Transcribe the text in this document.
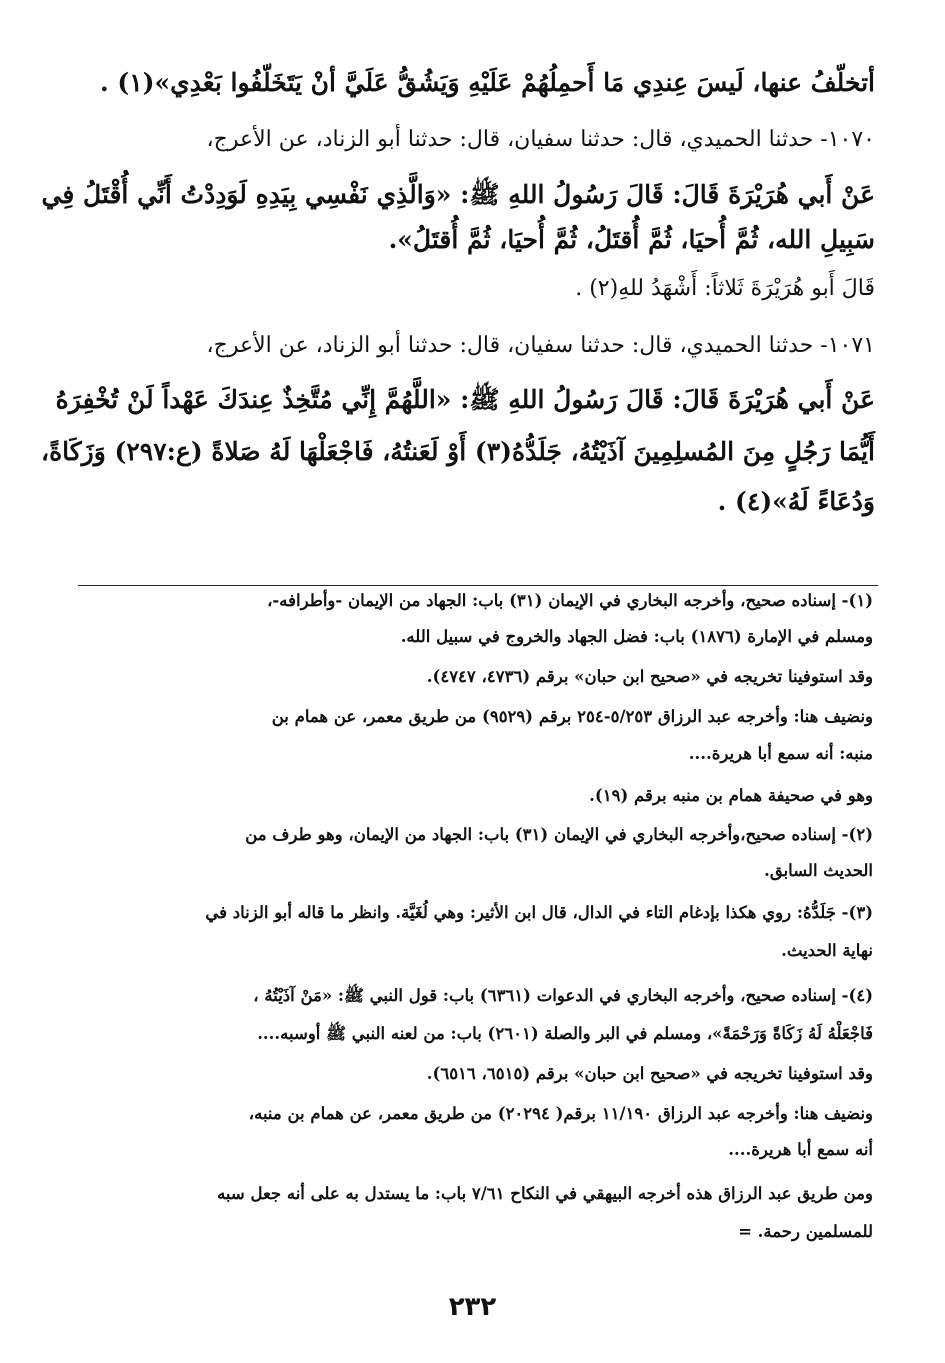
أتخلّفُ عنها، لَيسَ عِندِي مَا أَحمِلُهُمْ عَلَيْهِ وَيَشُقُّ عَلَيَّ أنْ يَتَخَلّفُوا بَعْدِي»(١) .
١٠٧٠- حدثنا الحميدي، قال: حدثنا سفيان، قال: حدثنا أبو الزناد، عن الأعرج،
عَنْ أَبي هُرَيْرَةَ قَالَ: قَالَ رَسُولُ اللهِ ﷺ: «وَالَّذِي نَفْسِي بِيَدِهِ لَوَدِدْتُ أَنِّي أُقْتَلُ فِي
سَبِيلِ الله، ثُمَّ أُحيَا، ثُمَّ أُقتَلُ، ثُمَّ أُحيَا، ثُمَّ أُقتَلُ».
قَالَ أَبو هُرَيْرَةَ ثَلاثاً: أَشْهَدُ للهِ(٢) .
١٠٧١- حدثنا الحميدي، قال: حدثنا سفيان، قال: حدثنا أبو الزناد، عن الأعرج،
عَنْ أَبي هُرَيْرَةَ قَالَ: قَالَ رَسُولُ اللهِ ﷺ: «اللَّهُمَّ إِنِّي مُتَّخِذٌ عِندَكَ عَهْداً لَنْ تُخْفِرَهُ
أَيُّمَا رَجُلٍ مِنَ المُسلِمِينَ آذَيْتُهُ، جَلَدُّهُ(٣) أَوْ لَعَنتُهُ، فَاجْعَلْهَا لَهُ صَلاةً (ع:٢٩٧) وَزَكَاةً،
وَدُعَاءً لَهُ»(٤) .
(١)- إسناده صحيح، وأخرجه البخاري في الإيمان (٣١) باب: الجهاد من الإيمان -وأطرافه-،
ومسلم في الإمارة (١٨٧٦) باب: فضل الجهاد والخروج في سبيل الله.
وقد استوفينا تخريجه في «صحيح ابن حبان» برقم (٤٧٣٦، ٤٧٤٧).
ونضيف هنا: وأخرجه عبد الرزاق ٥/٢٥٣-٢٥٤ برقم (٩٥٢٩) من طريق معمر، عن همام بن
منبه: أنه سمع أبا هريرة....
وهو في صحيفة همام بن منبه برقم (١٩).
(٢)- إسناده صحيح،وأخرجه البخاري في الإيمان (٣١) باب: الجهاد من الإيمان، وهو طرف من
الحديث السابق.
(٣)- جَلَدُّهُ: روي هكذا بإدغام التاء في الدال، قال ابن الأثير: وهي لُغَيَّة. وانظر ما قاله أبو الزناد في
نهاية الحديث.
(٤)- إسناده صحيح، وأخرجه البخاري في الدعوات (٦٣٦١) باب: قول النبي ﷺ: «مَنْ آذَيْتُهُ ،
فَاجْعَلْهُ لَهُ زَكَاةً وَرَحْمَةً»، ومسلم في البر والصلة (٢٦٠١) باب: من لعنه النبي ﷺ أوسبه....
وقد استوفينا تخريجه في «صحيح ابن حبان» برقم (٦٥١٥، ٦٥١٦).
ونضيف هنا: وأخرجه عبد الرزاق ١١/١٩٠ برقم( ٢٠٢٩٤) من طريق معمر، عن همام بن منبه،
أنه سمع أبا هريرة....
ومن طريق عبد الرزاق هذه أخرجه البيهقي في النكاح ٧/٦١ باب: ما يستدل به على أنه جعل سبه
للمسلمين رحمة. =
٢٣٢
